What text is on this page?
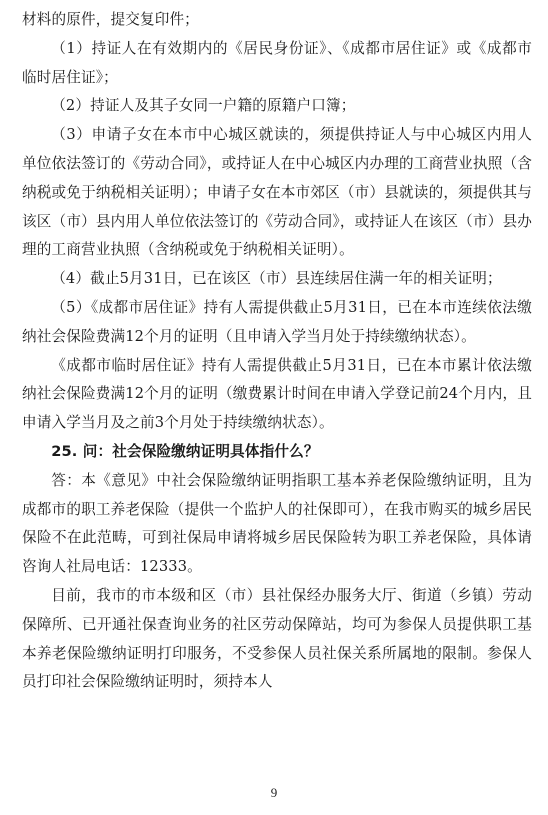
材料的原件，提交复印件；

（1）持证人在有效期内的《居民身份证》、《成都市居住证》或《成都市临时居住证》；

（2）持证人及其子女同一户籍的原籍户口簿；

（3）申请子女在本市中心城区就读的，须提供持证人与中心城区内用人单位依法签订的《劳动合同》，或持证人在中心城区内办理的工商营业执照（含纳税或免于纳税相关证明）；申请子女在本市郊区（市）县就读的，须提供其与该区（市）县内用人单位依法签订的《劳动合同》，或持证人在该区（市）县办理的工商营业执照（含纳税或免于纳税相关证明）。

（4）截止5月31日，已在该区（市）县连续居住满一年的相关证明；

（5）《成都市居住证》持有人需提供截止5月31日，已在本市连续依法缴纳社会保险费满12个月的证明（且申请入学当月处于持续缴纳状态）。

《成都市临时居住证》持有人需提供截止5月31日，已在本市累计依法缴纳社会保险费满12个月的证明（缴费累计时间在申请入学登记前24个月内，且申请入学当月及之前3个月处于持续缴纳状态）。

25. 问：社会保险缴纳证明具体指什么？

答：本《意见》中社会保险缴纳证明指职工基本养老保险缴纳证明，且为成都市的职工养老保险（提供一个监护人的社保即可），在我市购买的城乡居民保险不在此范畴，可到社保局申请将城乡居民保险转为职工养老保险，具体请咨询人社局电话：12333。

目前，我市的市本级和区（市）县社保经办服务大厅、街道（乡镇）劳动保障所、已开通社保查询业务的社区劳动保障站，均可为参保人员提供职工基本养老保险缴纳证明打印服务，不受参保人员社保关系所属地的限制。参保人员打印社会保险缴纳证明时，须持本人

9
